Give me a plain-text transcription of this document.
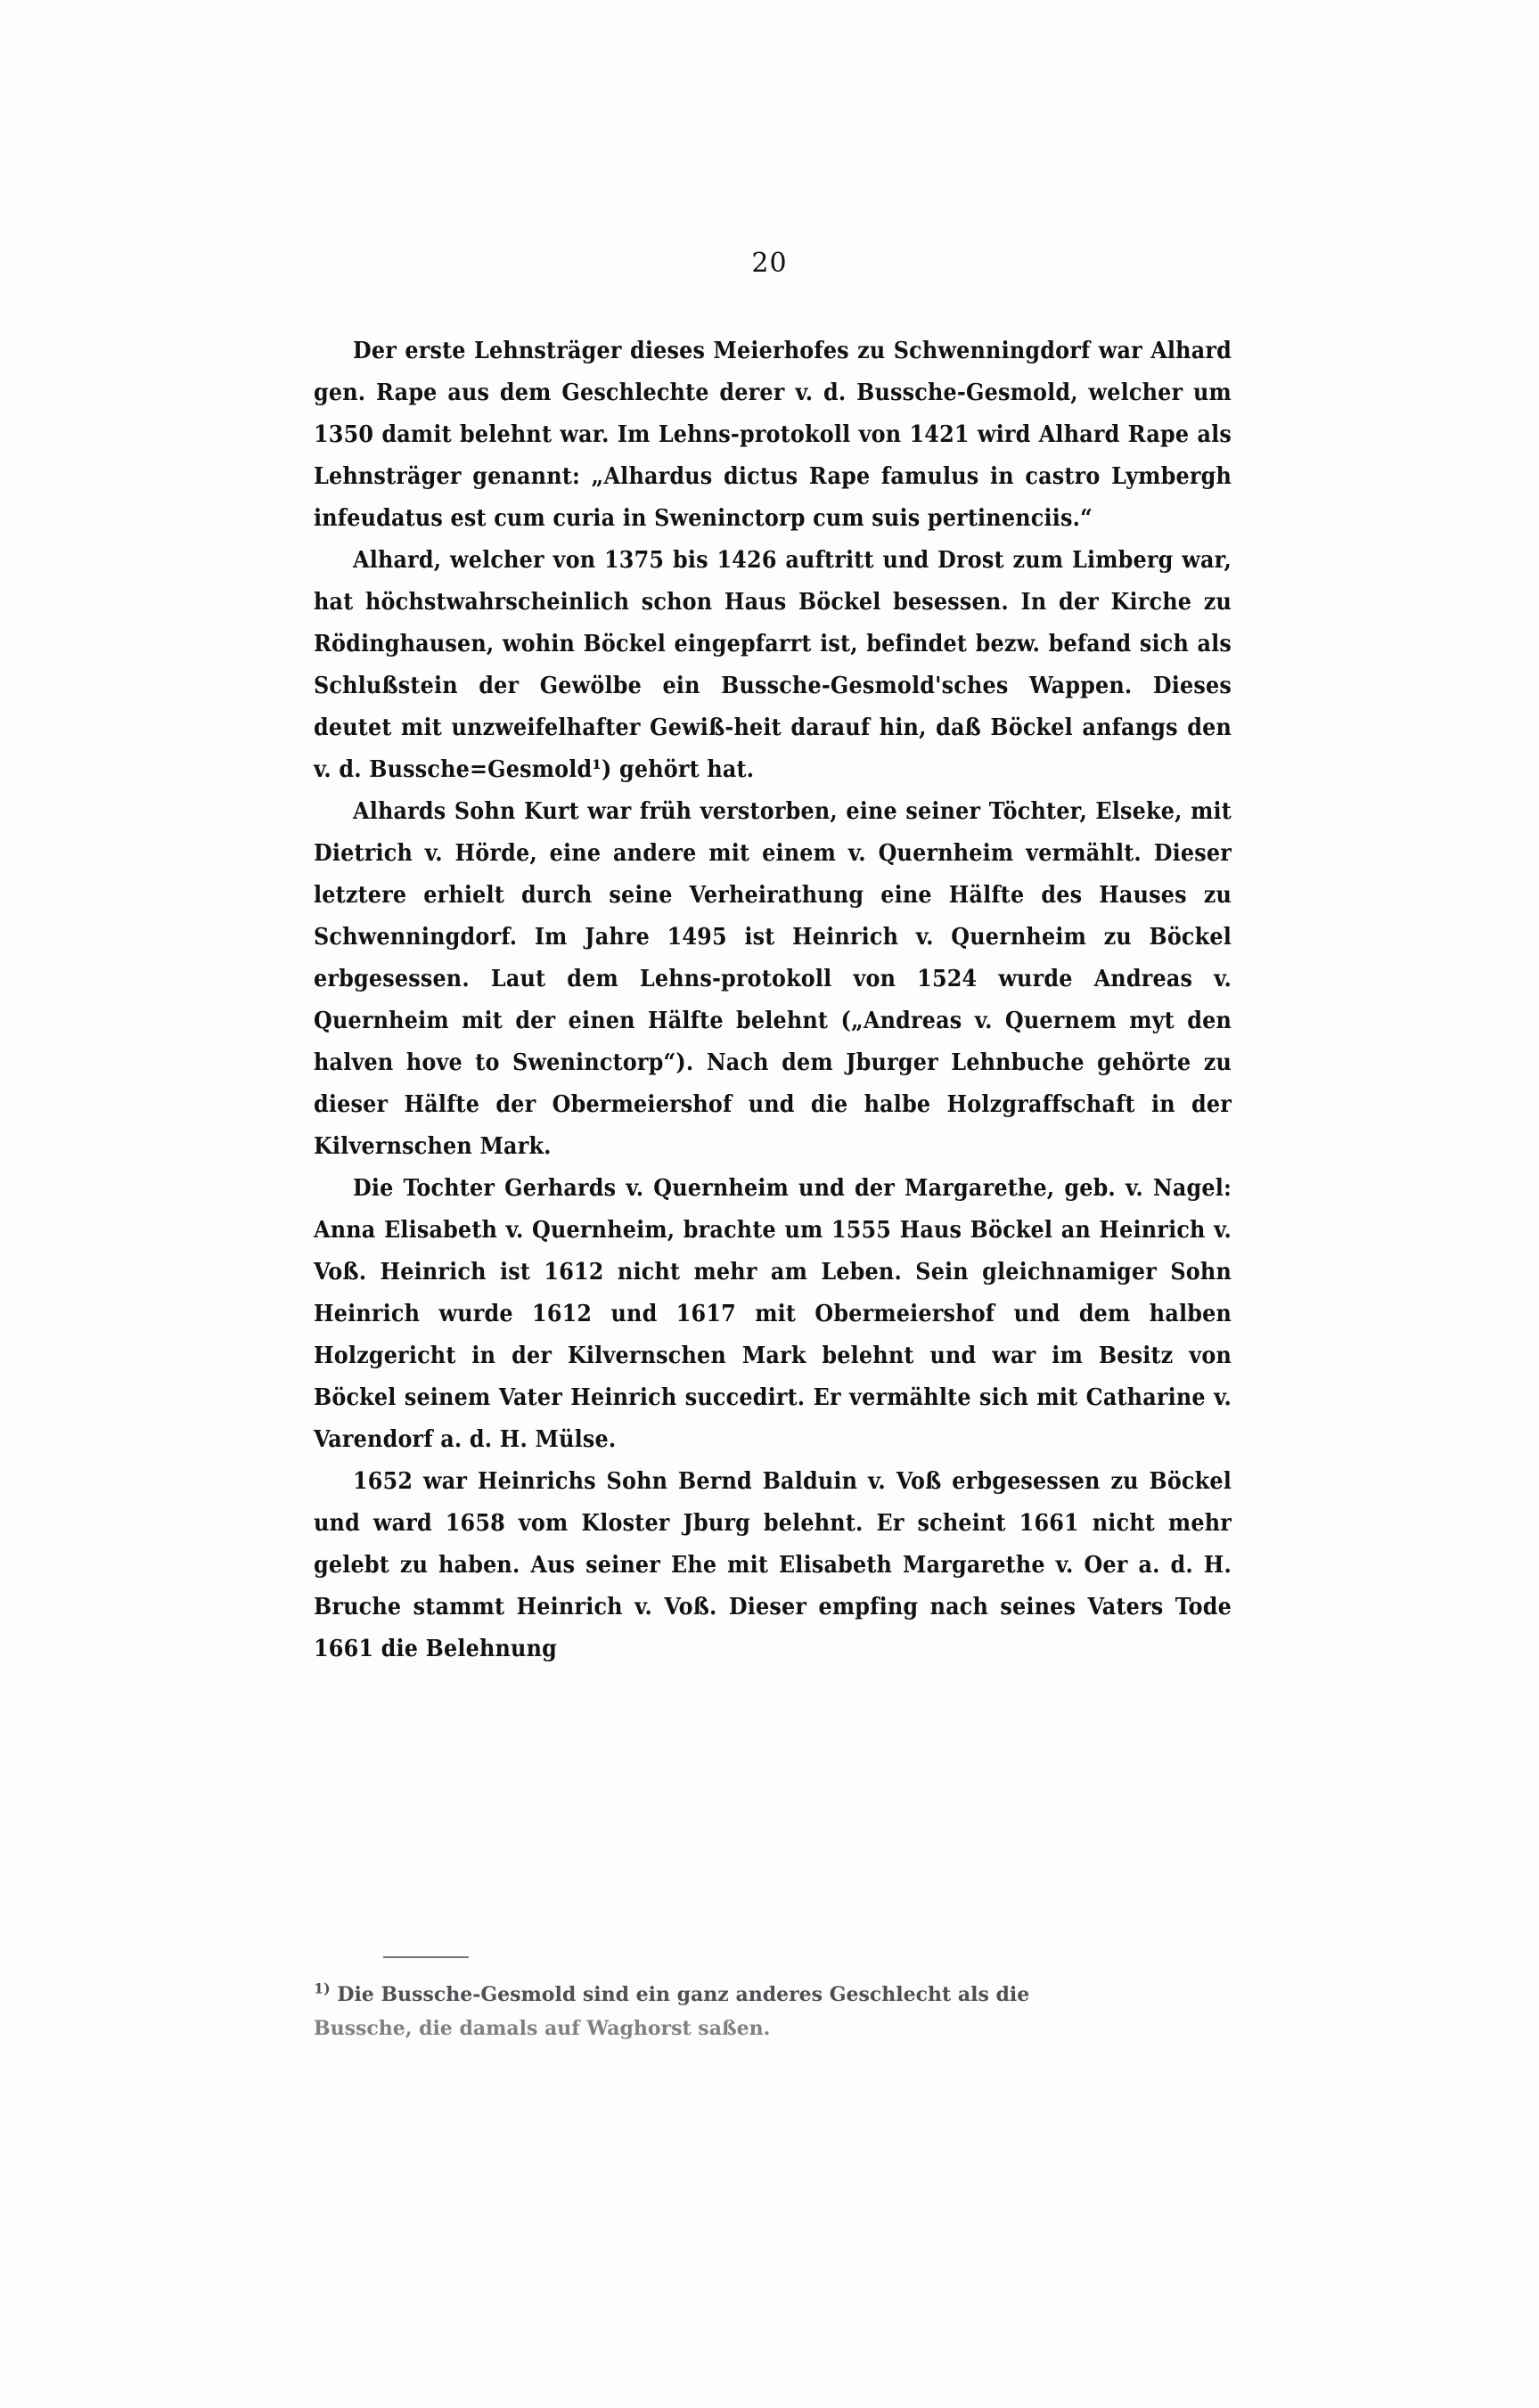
20

Der erste Lehnsträger dieses Meierhofes zu Schwenningdorf war Alhard gen. Rape aus dem Geschlechte derer v. d. Bussche-Gesmold, welcher um 1350 damit belehnt war. Im Lehns-protokoll von 1421 wird Alhard Rape als Lehnsträger genannt: „Alhardus dictus Rape famulus in castro Lymbergh infeudatus est cum curia in Sweninctorp cum suis pertinenciis.“

Alhard, welcher von 1375 bis 1426 auftritt und Drost zum Limberg war, hat höchstwahrscheinlich schon Haus Böckel besessen. In der Kirche zu Rödinghausen, wohin Böckel eingepfarrt ist, befindet bezw. befand sich als Schlußstein der Gewölbe ein Bussche-Gesmold'sches Wappen. Dieses deutet mit unzweifelhafter Gewiß-heit darauf hin, daß Böckel anfangs den v. d. Bussche=Gesmold¹) gehört hat.

Alhards Sohn Kurt war früh verstorben, eine seiner Töchter, Elseke, mit Dietrich v. Hörde, eine andere mit einem v. Quernheim vermählt. Dieser letztere erhielt durch seine Verheirathung eine Hälfte des Hauses zu Schwenningdorf. Im Jahre 1495 ist Heinrich v. Quernheim zu Böckel erbgesessen. Laut dem Lehns-protokoll von 1524 wurde Andreas v. Quernheim mit der einen Hälfte belehnt („Andreas v. Quernem myt den halven hove to Sweninctorp“). Nach dem Jburger Lehnbuche gehörte zu dieser Hälfte der Obermeiershof und die halbe Holzgraffschaft in der Kilvernschen Mark.

Die Tochter Gerhards v. Quernheim und der Margarethe, geb. v. Nagel: Anna Elisabeth v. Quernheim, brachte um 1555 Haus Böckel an Heinrich v. Voß. Heinrich ist 1612 nicht mehr am Leben. Sein gleichnamiger Sohn Heinrich wurde 1612 und 1617 mit Obermeiershof und dem halben Holzgericht in der Kilvernschen Mark belehnt und war im Besitz von Böckel seinem Vater Heinrich succedirt. Er vermählte sich mit Catharine v. Varendorf a. d. H. Mülse.

1652 war Heinrichs Sohn Bernd Balduin v. Voß erbgesessen zu Böckel und ward 1658 vom Kloster Jburg belehnt. Er scheint 1661 nicht mehr gelebt zu haben. Aus seiner Ehe mit Elisabeth Margarethe v. Oer a. d. H. Bruche stammt Heinrich v. Voß. Dieser empfing nach seines Vaters Tode 1661 die Belehnung

$^{1)}$ Die Bussche-Gesmold sind ein ganz anderes Geschlecht als die
Bussche, die damals auf Waghorst saßen.
